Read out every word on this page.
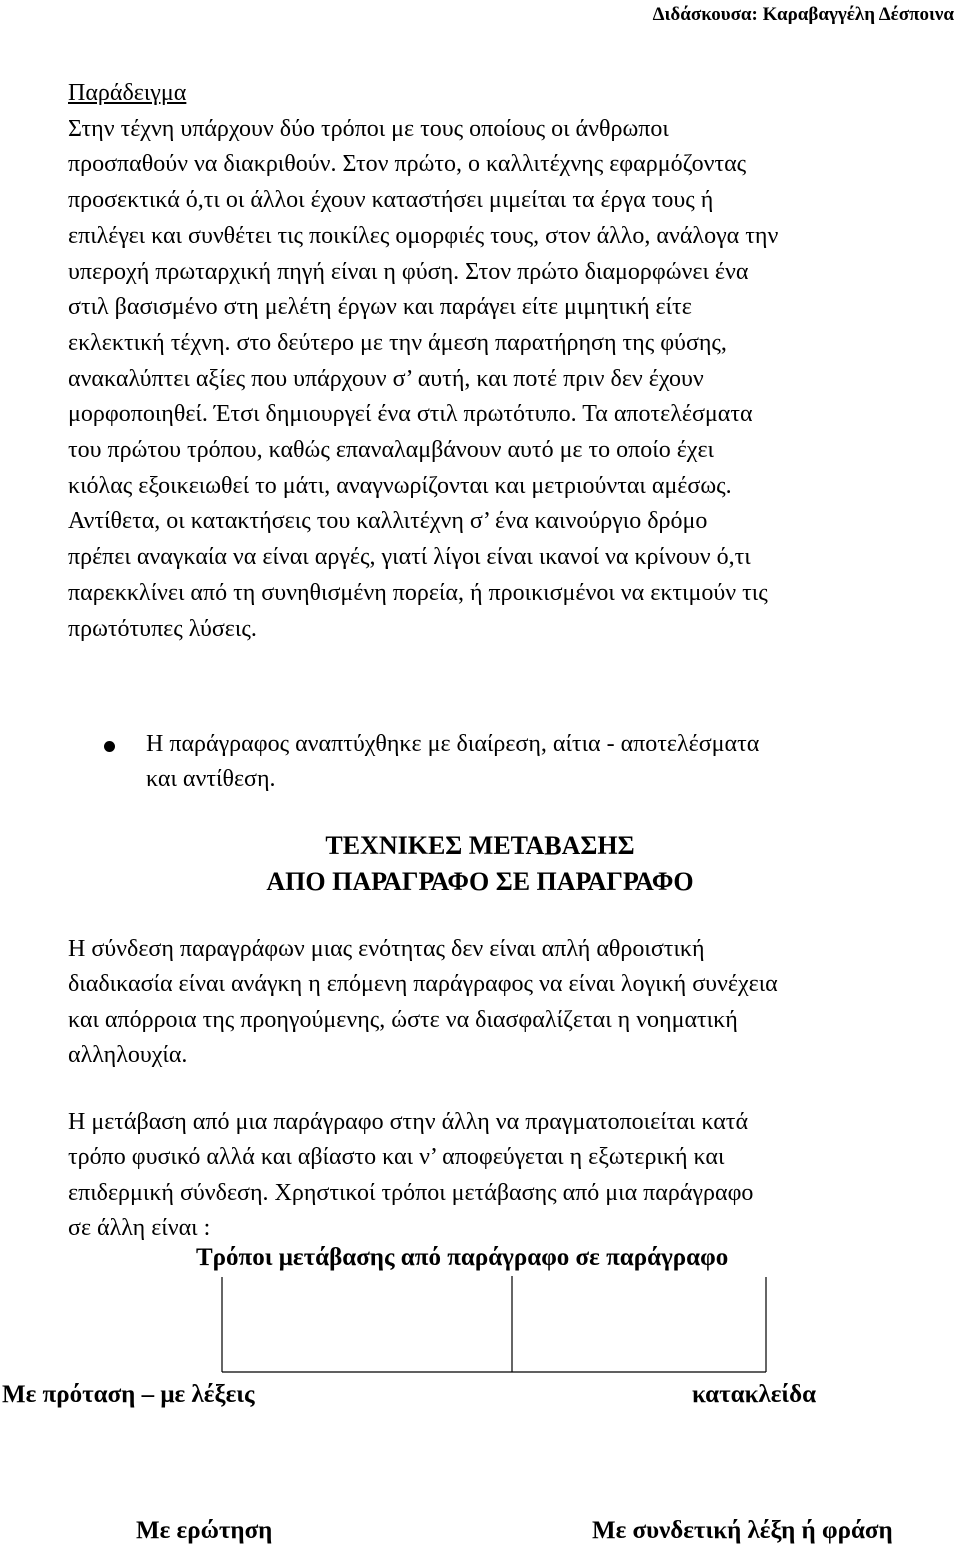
Διδάσκουσα: Καραβαγγέλη Δέσποινα
Παράδειγμα
Στην τέχνη υπάρχουν δύο τρόποι με τους οποίους οι άνθρωποι
προσπαθούν να διακριθούν. Στον πρώτο, ο καλλιτέχνης εφαρμόζοντας
προσεκτικά ό,τι οι άλλοι έχουν καταστήσει μιμείται τα έργα τους ή
επιλέγει και συνθέτει τις ποικίλες ομορφιές τους, στον άλλο, ανάλογα την
υπεροχή πρωταρχική πηγή είναι η φύση. Στον πρώτο διαμορφώνει ένα
στιλ βασισμένο στη μελέτη έργων και παράγει είτε μιμητική είτε
εκλεκτική τέχνη. στο δεύτερο με την άμεση παρατήρηση της φύσης,
ανακαλύπτει αξίες που υπάρχουν σ’ αυτή, και ποτέ πριν δεν έχουν
μορφοποιηθεί. Έτσι δημιουργεί ένα στιλ πρωτότυπο. Τα αποτελέσματα
του πρώτου τρόπου, καθώς επαναλαμβάνουν αυτό με το οποίο έχει
κιόλας εξοικειωθεί το μάτι, αναγνωρίζονται και μετριούνται αμέσως.
Αντίθετα, οι κατακτήσεις του καλλιτέχνη σ’ ένα καινούργιο δρόμο
πρέπει αναγκαία να είναι αργές, γιατί λίγοι είναι ικανοί να κρίνουν ό,τι
παρεκκλίνει από τη συνηθισμένη πορεία, ή προικισμένοι να εκτιμούν τις
πρωτότυπες λύσεις.
Η παράγραφος αναπτύχθηκε με διαίρεση, αίτια - αποτελέσματα
και αντίθεση.
ΤΕΧΝΙΚΕΣ ΜΕΤΑΒΑΣΗΣ
ΑΠΟ ΠΑΡΑΓΡΑΦΟ ΣΕ ΠΑΡΑΓΡΑΦΟ
Η σύνδεση παραγράφων μιας ενότητας δεν είναι απλή αθροιστική
διαδικασία είναι ανάγκη η επόμενη παράγραφος να είναι λογική συνέχεια
και απόρροια της προηγούμενης, ώστε να διασφαλίζεται η νοηματική
αλληλουχία.
Η μετάβαση από μια παράγραφο στην άλλη να πραγματοποιείται κατά
τρόπο φυσικό αλλά και αβίαστο και ν’ αποφεύγεται η εξωτερική και
επιδερμική σύνδεση. Χρηστικοί τρόποι μετάβασης από μια παράγραφο
σε άλλη είναι :
Τρόποι μετάβασης από παράγραφο σε παράγραφο
Με πρόταση – με λέξεις	κατακλείδα
Με ερώτηση	Με συνδετική λέξη ή φράση
